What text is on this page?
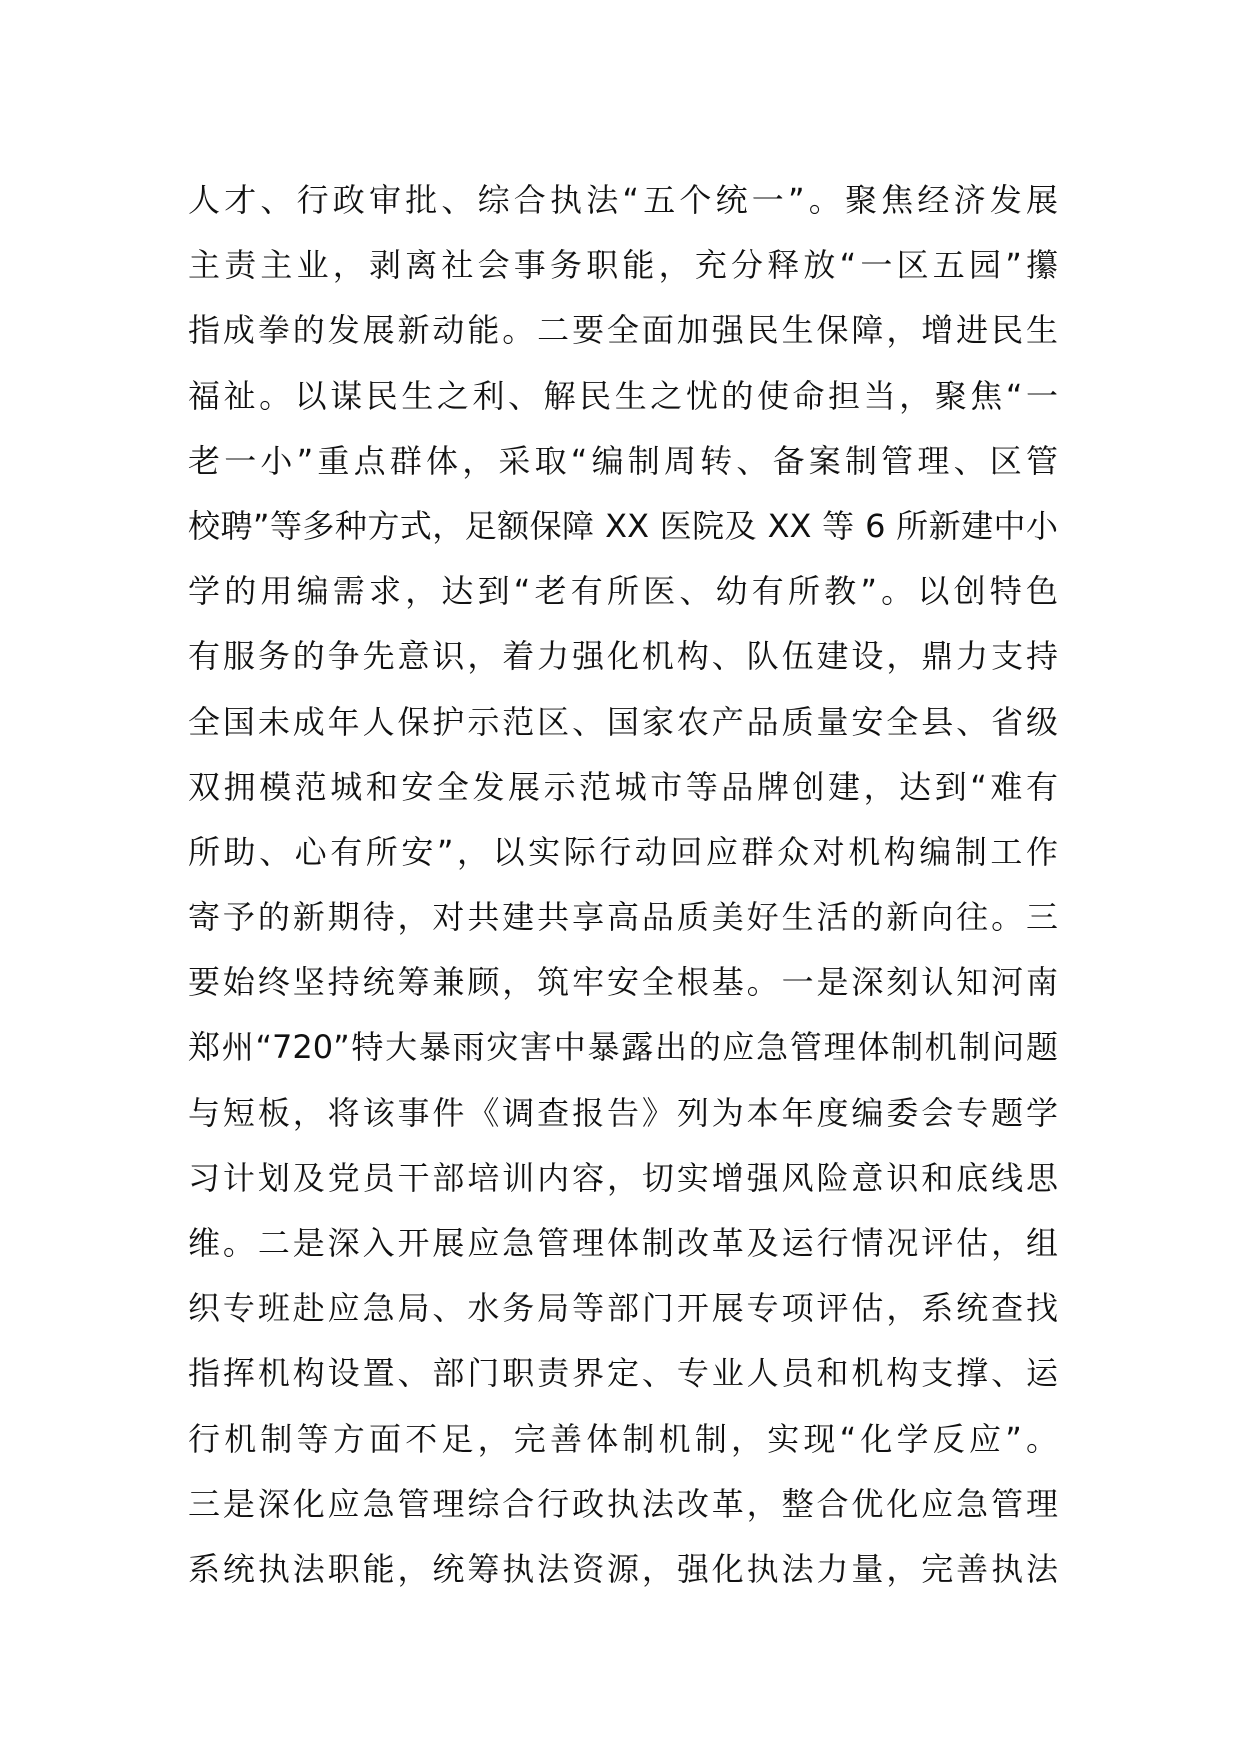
人才、行政审批、综合执法“五个统一”。聚焦经济发展
主责主业，剥离社会事务职能，充分释放“一区五园”攥
指成拳的发展新动能。二要全面加强民生保障，增进民生
福祉。以谋民生之利、解民生之忧的使命担当，聚焦“一
老一小”重点群体，采取“编制周转、备案制管理、区管
校聘”等多种方式，足额保障 XX 医院及 XX 等 6 所新建中小
学的用编需求，达到“老有所医、幼有所教”。以创特色
有服务的争先意识，着力强化机构、队伍建设，鼎力支持
全国未成年人保护示范区、国家农产品质量安全县、省级
双拥模范城和安全发展示范城市等品牌创建，达到“难有
所助、心有所安”，以实际行动回应群众对机构编制工作
寄予的新期待，对共建共享高品质美好生活的新向往。三
要始终坚持统筹兼顾，筑牢安全根基。一是深刻认知河南
郑州“720”特大暴雨灾害中暴露出的应急管理体制机制问题
与短板，将该事件《调查报告》列为本年度编委会专题学
习计划及党员干部培训内容，切实增强风险意识和底线思
维。二是深入开展应急管理体制改革及运行情况评估，组
织专班赴应急局、水务局等部门开展专项评估，系统查找
指挥机构设置、部门职责界定、专业人员和机构支撑、运
行机制等方面不足，完善体制机制，实现“化学反应”。
三是深化应急管理综合行政执法改革，整合优化应急管理
系统执法职能，统筹执法资源，强化执法力量，完善执法
